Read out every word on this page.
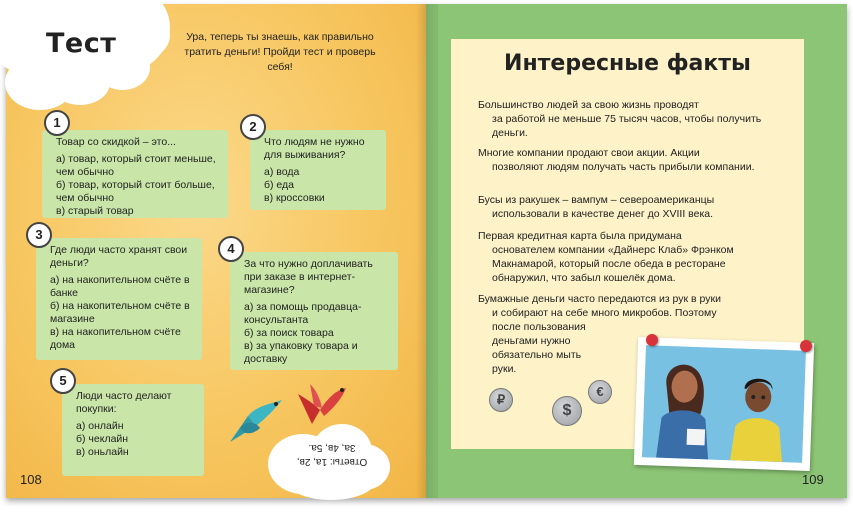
Тест	Ура, теперь ты знаешь, как правильно тратить деньги! Пройди тест и проверь себя!
Товар со скидкой – это...
а) товар, который стоит меньше, чем обычно
б) товар, который стоит больше, чем обычно
в) старый товар
1
Что людям не нужно для выживания?
а) вода
б) еда
в) кроссовки
2
Где люди часто хранят свои деньги?
а) на накопительном счёте в банке
б) на накопительном счёте в магазине
в) на накопительном счёте дома
3
За что нужно доплачивать при заказе в интернет-магазине?
а) за помощь продавца-консультанта
б) за поиск товара
в) за упаковку товара и доставку
4
Люди часто делают покупки:
а) онлайн
б) чеклайн
в) оньлайн
5
Ответы: 1а, 2в, 3а, 4в, 5а.
108
Интересные факты
Большинство людей за свою жизнь проводят
за работой не меньше 75 тысяч часов, чтобы получить деньги.
Многие компании продают свои акции. Акции
позволяют людям получать часть прибыли компании.
Бусы из ракушек – вампум – североамериканцы
использовали в качестве денег до XVIII века.
Первая кредитная карта была придумана
основателем компании «Дайнерс Клаб» Фрэнком Макнамарой, который после обеда в ресторане обнаружил, что забыл кошелёк дома.
Бумажные деньги часто передаются из рук в руки
и собирают на себе много микробов. Поэтому
после пользования деньгами нужно обязательно мыть руки.
₽
$
€
109
